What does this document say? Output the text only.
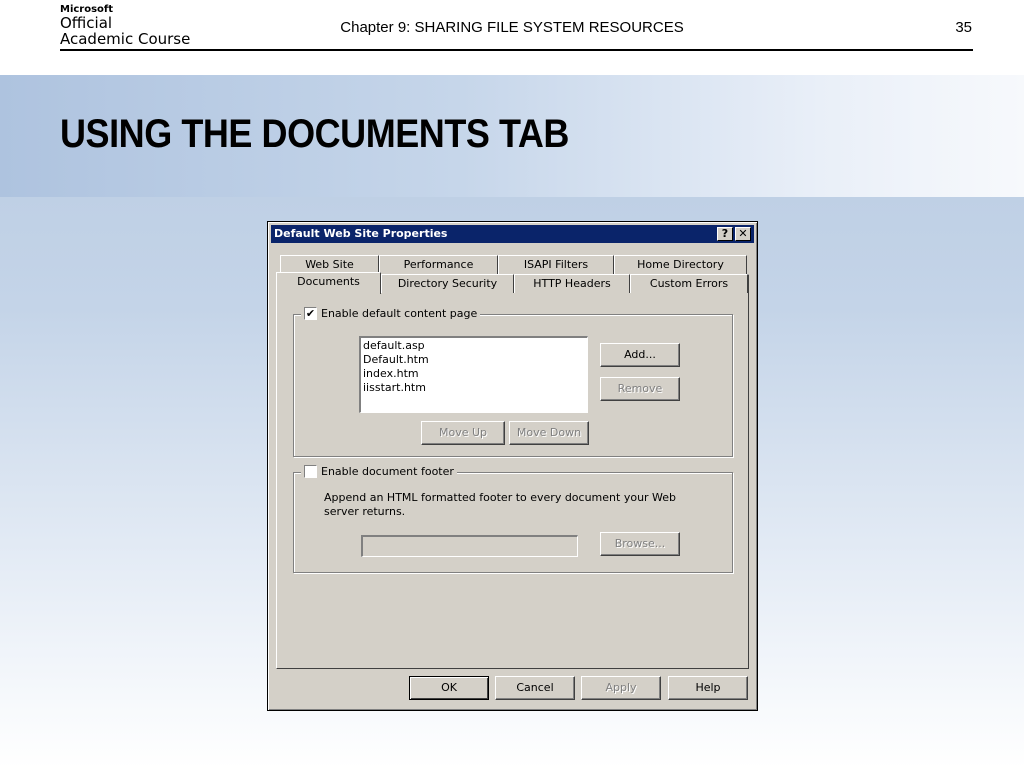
Microsoft
Official
Academic Course
Chapter 9: SHARING FILE SYSTEM RESOURCES	35
USING THE DOCUMENTS TAB
Default Web Site Properties	? ✕
Web Site	Performance	ISAPI Filters	Home Directory
Documents	Directory Security	HTTP Headers	Custom Errors
✔ Enable default content page
default.asp
Default.htm
index.htm
iisstart.htm
Add...
Remove
Move Up	Move Down
Enable document footer
Append an HTML formatted footer to every document your Web
server returns.
Browse...
OK	Cancel	Apply	Help
